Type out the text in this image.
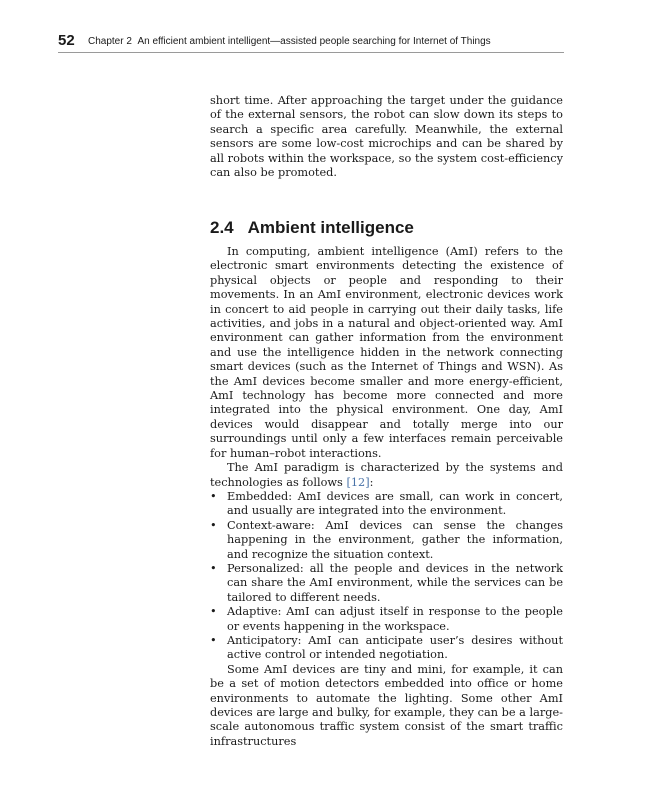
52 Chapter 2 An efficient ambient intelligent—assisted people searching for Internet of Things

short time. After approaching the target under the guidance of the external sensors, the robot can slow down its steps to search a specific area carefully. Meanwhile, the external sensors are some low-cost microchips and can be shared by all robots within the workspace, so the system cost-efficiency can also be promoted.

2.4 Ambient intelligence

In computing, ambient intelligence (AmI) refers to the electronic smart environments detecting the existence of physical objects or people and responding to their movements. In an AmI environment, electronic devices work in concert to aid people in carrying out their daily tasks, life activities, and jobs in a natural and object-oriented way. AmI environment can gather information from the environment and use the intelligence hidden in the network connecting smart devices (such as the Internet of Things and WSN). As the AmI devices become smaller and more energy-efficient, AmI technology has become more connected and more integrated into the physical environment. One day, AmI devices would disappear and totally merge into our surroundings until only a few interfaces remain perceivable for human–robot interactions.

The AmI paradigm is characterized by the systems and technologies as follows [12]:

• Embedded: AmI devices are small, can work in concert, and usually are integrated into the environment.
• Context-aware: AmI devices can sense the changes happening in the environment, gather the information, and recognize the situation context.
• Personalized: all the people and devices in the network can share the AmI environment, while the services can be tailored to different needs.
• Adaptive: AmI can adjust itself in response to the people or events happening in the workspace.
• Anticipatory: AmI can anticipate user’s desires without active control or intended negotiation.

Some AmI devices are tiny and mini, for example, it can be a set of motion detectors embedded into office or home environments to automate the lighting. Some other AmI devices are large and bulky, for example, they can be a large-scale autonomous traffic system consist of the smart traffic infrastructures
